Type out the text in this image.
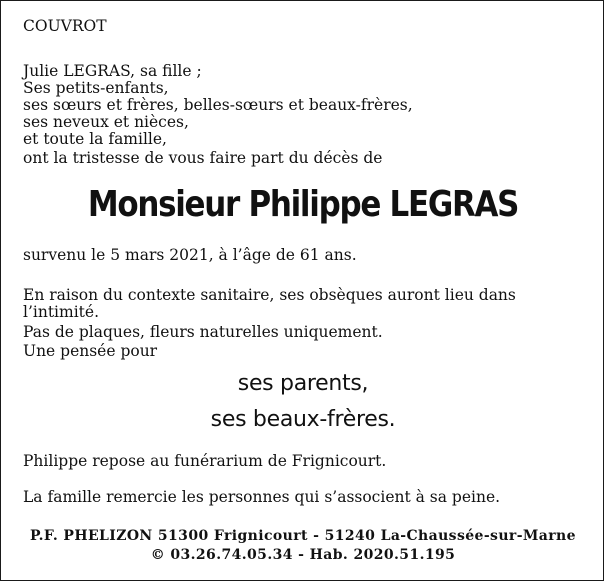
COUVROT
Julie LEGRAS, sa fille ;
Ses petits-enfants,
ses sœurs et frères, belles-sœurs et beaux-frères,
ses neveux et nièces,
et toute la famille,
ont la tristesse de vous faire part du décès de
Monsieur Philippe LEGRAS
survenu le 5 mars 2021, à l’âge de 61 ans.
En raison du contexte sanitaire, ses obsèques auront lieu dans
l’intimité.
Pas de plaques, fleurs naturelles uniquement.
Une pensée pour
ses parents,
ses beaux-frères.
Philippe repose au funérarium de Frignicourt.
La famille remercie les personnes qui s’associent à sa peine.
P.F. PHELIZON 51300 Frignicourt - 51240 La-Chaussée-sur-Marne
© 03.26.74.05.34 - Hab. 2020.51.195
